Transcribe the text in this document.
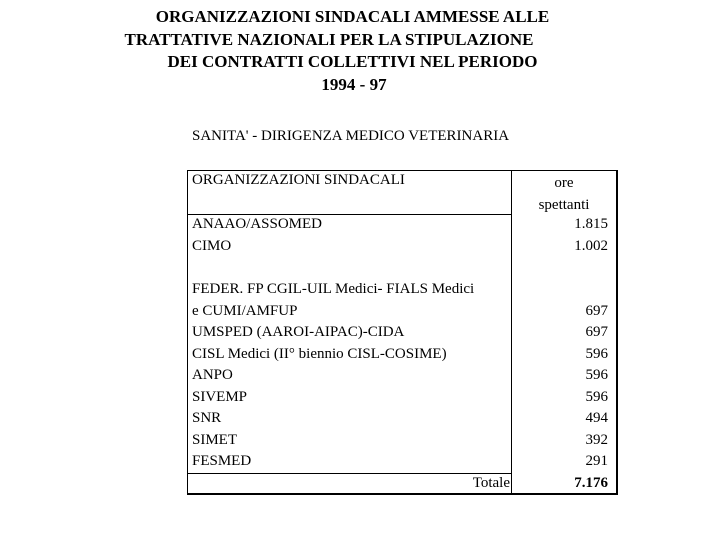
ORGANIZZAZIONI SINDACALI AMMESSE ALLE
TRATTATIVE NAZIONALI PER LA STIPULAZIONE
DEI CONTRATTI COLLETTIVI NEL PERIODO
1994 - 97
SANITA' - DIRIGENZA MEDICO VETERINARIA
ORGANIZZAZIONI SINDACALI	ore
spettanti
ANAAO/ASSOMED
CIMO
1.815
1.002
FEDER. FP CGIL-UIL Medici- FIALS Medici
e CUMI/AMFUP
UMSPED (AAROI-AIPAC)-CIDA
CISL Medici (II° biennio CISL-COSIME)
ANPO
SIVEMP
SNR
SIMET
FESMED
697
697
596
596
596
494
392
291
Totale	7.176
